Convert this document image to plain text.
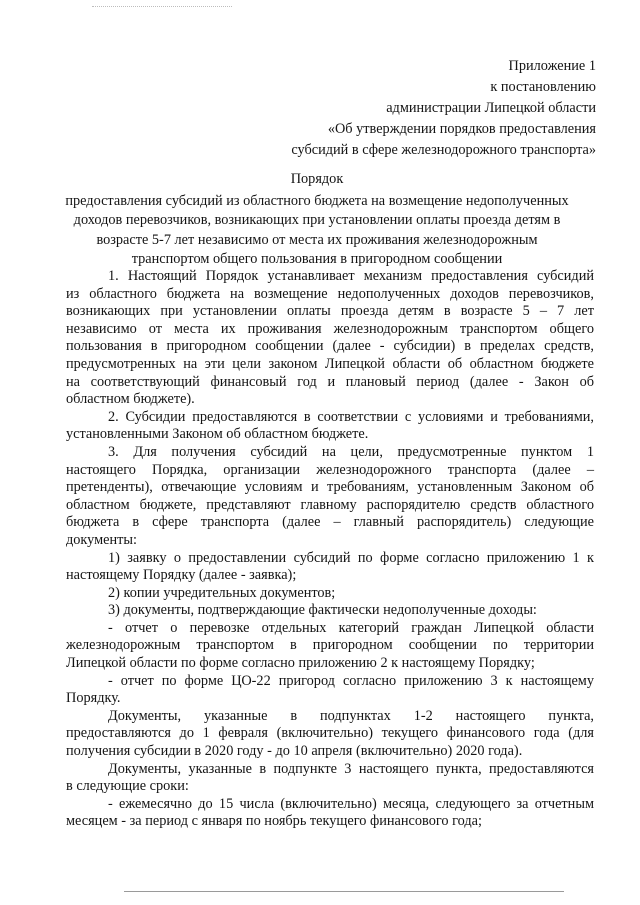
Приложение 1
к постановлению
администрации Липецкой области
«Об утверждении порядков предоставления
субсидий в сфере железнодорожного транспорта»
Порядок
предоставления субсидий из областного бюджета на возмещение недополученных
доходов перевозчиков, возникающих при установлении оплаты проезда детям в
возрасте 5-7 лет независимо от места их проживания железнодорожным
транспортом общего пользования в пригородном сообщении
1. Настоящий Порядок устанавливает механизм предоставления субсидий
из областного бюджета на возмещение недополученных доходов перевозчиков,
возникающих при установлении оплаты проезда детям в возрасте 5 – 7 лет
независимо от места их проживания железнодорожным транспортом общего
пользования в пригородном сообщении (далее - субсидии) в пределах средств,
предусмотренных на эти цели законом Липецкой области об областном бюджете
на соответствующий финансовый год и плановый период (далее - Закон об
областном бюджете).
2. Субсидии предоставляются в соответствии с условиями и требованиями,
установленными Законом об областном бюджете.
3. Для получения субсидий на цели, предусмотренные пунктом 1
настоящего Порядка, организации железнодорожного транспорта (далее –
претенденты), отвечающие условиям и требованиям, установленным Законом об
областном бюджете, представляют главному распорядителю средств областного
бюджета в сфере транспорта (далее – главный распорядитель) следующие
документы:
1) заявку о предоставлении субсидий по форме согласно приложению 1 к
настоящему Порядку (далее - заявка);
2) копии учредительных документов;
3) документы, подтверждающие фактически недополученные доходы:
- отчет о перевозке отдельных категорий граждан Липецкой области
железнодорожным транспортом в пригородном сообщении по территории
Липецкой области по форме согласно приложению 2 к настоящему Порядку;
- отчет по форме ЦО-22 пригород согласно приложению 3 к настоящему
Порядку.
Документы, указанные в подпунктах 1-2 настоящего пункта,
предоставляются до 1 февраля (включительно) текущего финансового года (для
получения субсидии в 2020 году - до 10 апреля (включительно) 2020 года).
Документы, указанные в подпункте 3 настоящего пункта, предоставляются
в следующие сроки:
- ежемесячно до 15 числа (включительно) месяца, следующего за отчетным
месяцем - за период с января по ноябрь текущего финансового года;
